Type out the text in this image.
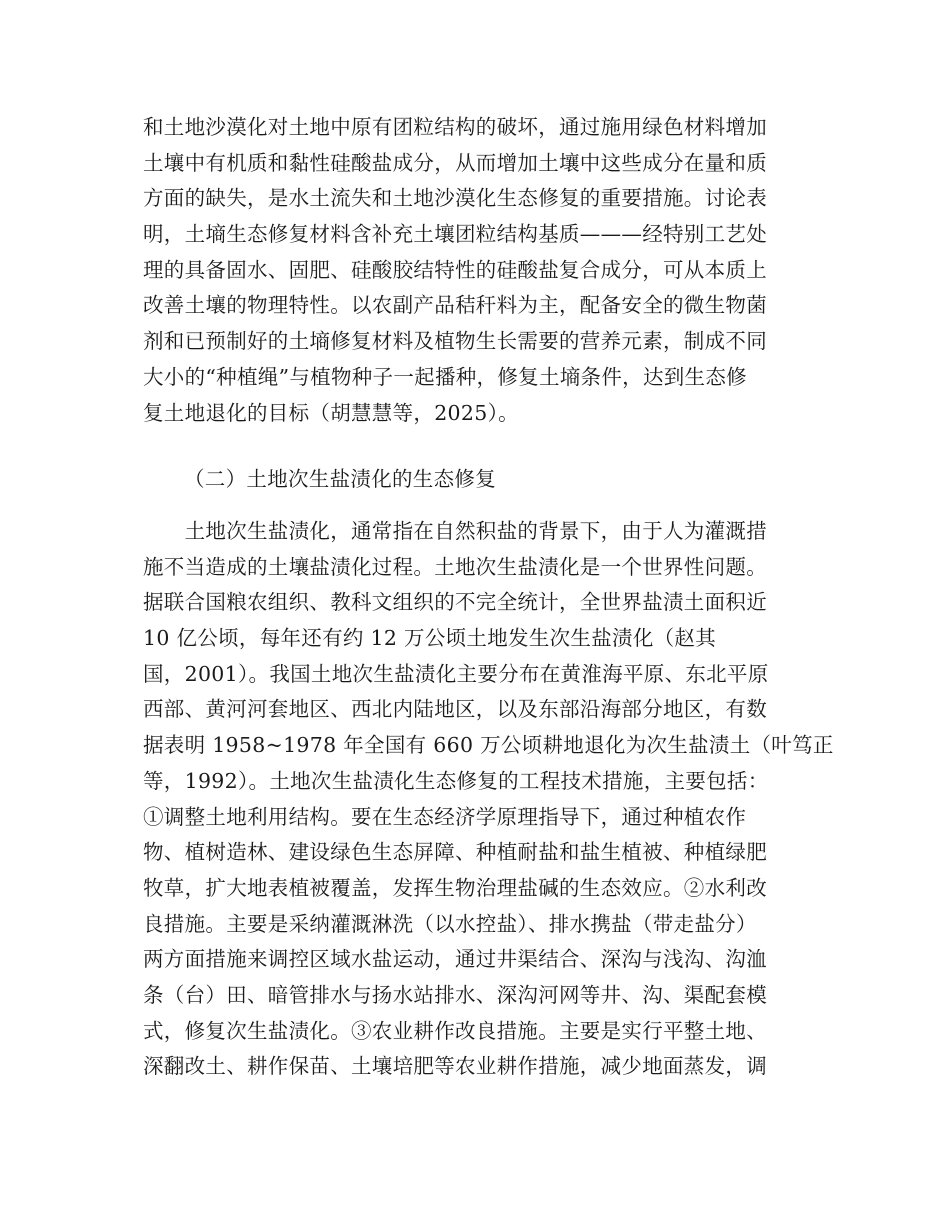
和土地沙漠化对土地中原有团粒结构的破坏，通过施用绿色材料增加
土壤中有机质和黏性硅酸盐成分，从而增加土壤中这些成分在量和质
方面的缺失，是水土流失和土地沙漠化生态修复的重要措施。讨论表
明，土墒生态修复材料含补充土壤团粒结构基质———经特别工艺处
理的具备固水、固肥、硅酸胶结特性的硅酸盐复合成分，可从本质上
改善土壤的物理特性。以农副产品秸秆料为主，配备安全的微生物菌
剂和已预制好的土墒修复材料及植物生长需要的营养元素，制成不同
大小的“种植绳”与植物种子一起播种，修复土墒条件，达到生态修
复土地退化的目标（胡慧慧等，2025）。
（二）土地次生盐渍化的生态修复
　　土地次生盐渍化，通常指在自然积盐的背景下，由于人为灌溉措
施不当造成的土壤盐渍化过程。土地次生盐渍化是一个世界性问题。
据联合国粮农组织、教科文组织的不完全统计，全世界盐渍土面积近
10 亿公顷，每年还有约 12 万公顷土地发生次生盐渍化（赵其
国，2001）。我国土地次生盐渍化主要分布在黄淮海平原、东北平原
西部、黄河河套地区、西北内陆地区，以及东部沿海部分地区，有数
据表明 1958~1978 年全国有 660 万公顷耕地退化为次生盐渍土（叶笃正
等，1992）。土地次生盐渍化生态修复的工程技术措施，主要包括：
①调整土地利用结构。要在生态经济学原理指导下，通过种植农作
物、植树造林、建设绿色生态屏障、种植耐盐和盐生植被、种植绿肥
牧草，扩大地表植被覆盖，发挥生物治理盐碱的生态效应。②水利改
良措施。主要是采纳灌溉淋洗（以水控盐）、排水携盐（带走盐分）
两方面措施来调控区域水盐运动，通过井渠结合、深沟与浅沟、沟洫
条（台）田、暗管排水与扬水站排水、深沟河网等井、沟、渠配套模
式，修复次生盐渍化。③农业耕作改良措施。主要是实行平整土地、
深翻改土、耕作保苗、土壤培肥等农业耕作措施，减少地面蒸发，调
